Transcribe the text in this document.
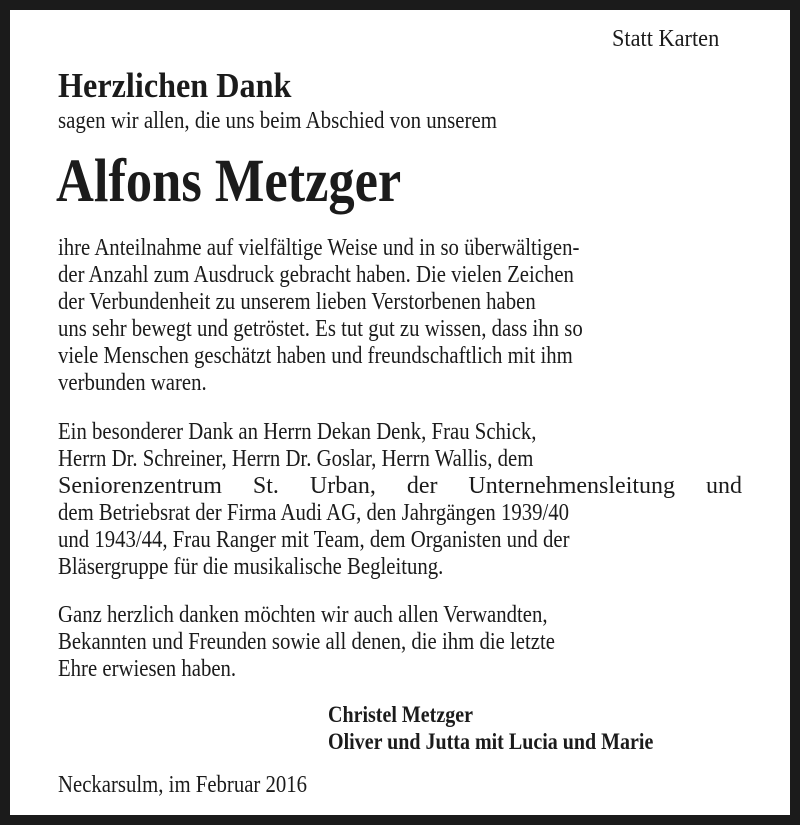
Statt Karten
Herzlichen Dank
sagen wir allen, die uns beim Abschied von unserem
Alfons Metzger
ihre Anteilnahme auf vielfältige Weise und in so überwältigen-
der Anzahl zum Ausdruck gebracht haben. Die vielen Zeichen
der Verbundenheit zu unserem lieben Verstorbenen haben
uns sehr bewegt und getröstet. Es tut gut zu wissen, dass ihn so
viele Menschen geschätzt haben und freundschaftlich mit ihm
verbunden waren.
Ein besonderer Dank an Herrn Dekan Denk, Frau Schick,
Herrn Dr. Schreiner, Herrn Dr. Goslar, Herrn Wallis, dem
Seniorenzentrum St. Urban, der Unternehmensleitung und
dem Betriebsrat der Firma Audi AG, den Jahrgängen 1939/40
und 1943/44, Frau Ranger mit Team, dem Organisten und der
Bläsergruppe für die musikalische Begleitung.
Ganz herzlich danken möchten wir auch allen Verwandten,
Bekannten und Freunden sowie all denen, die ihm die letzte
Ehre erwiesen haben.
Christel Metzger
Oliver und Jutta mit Lucia und Marie
Neckarsulm, im Februar 2016
